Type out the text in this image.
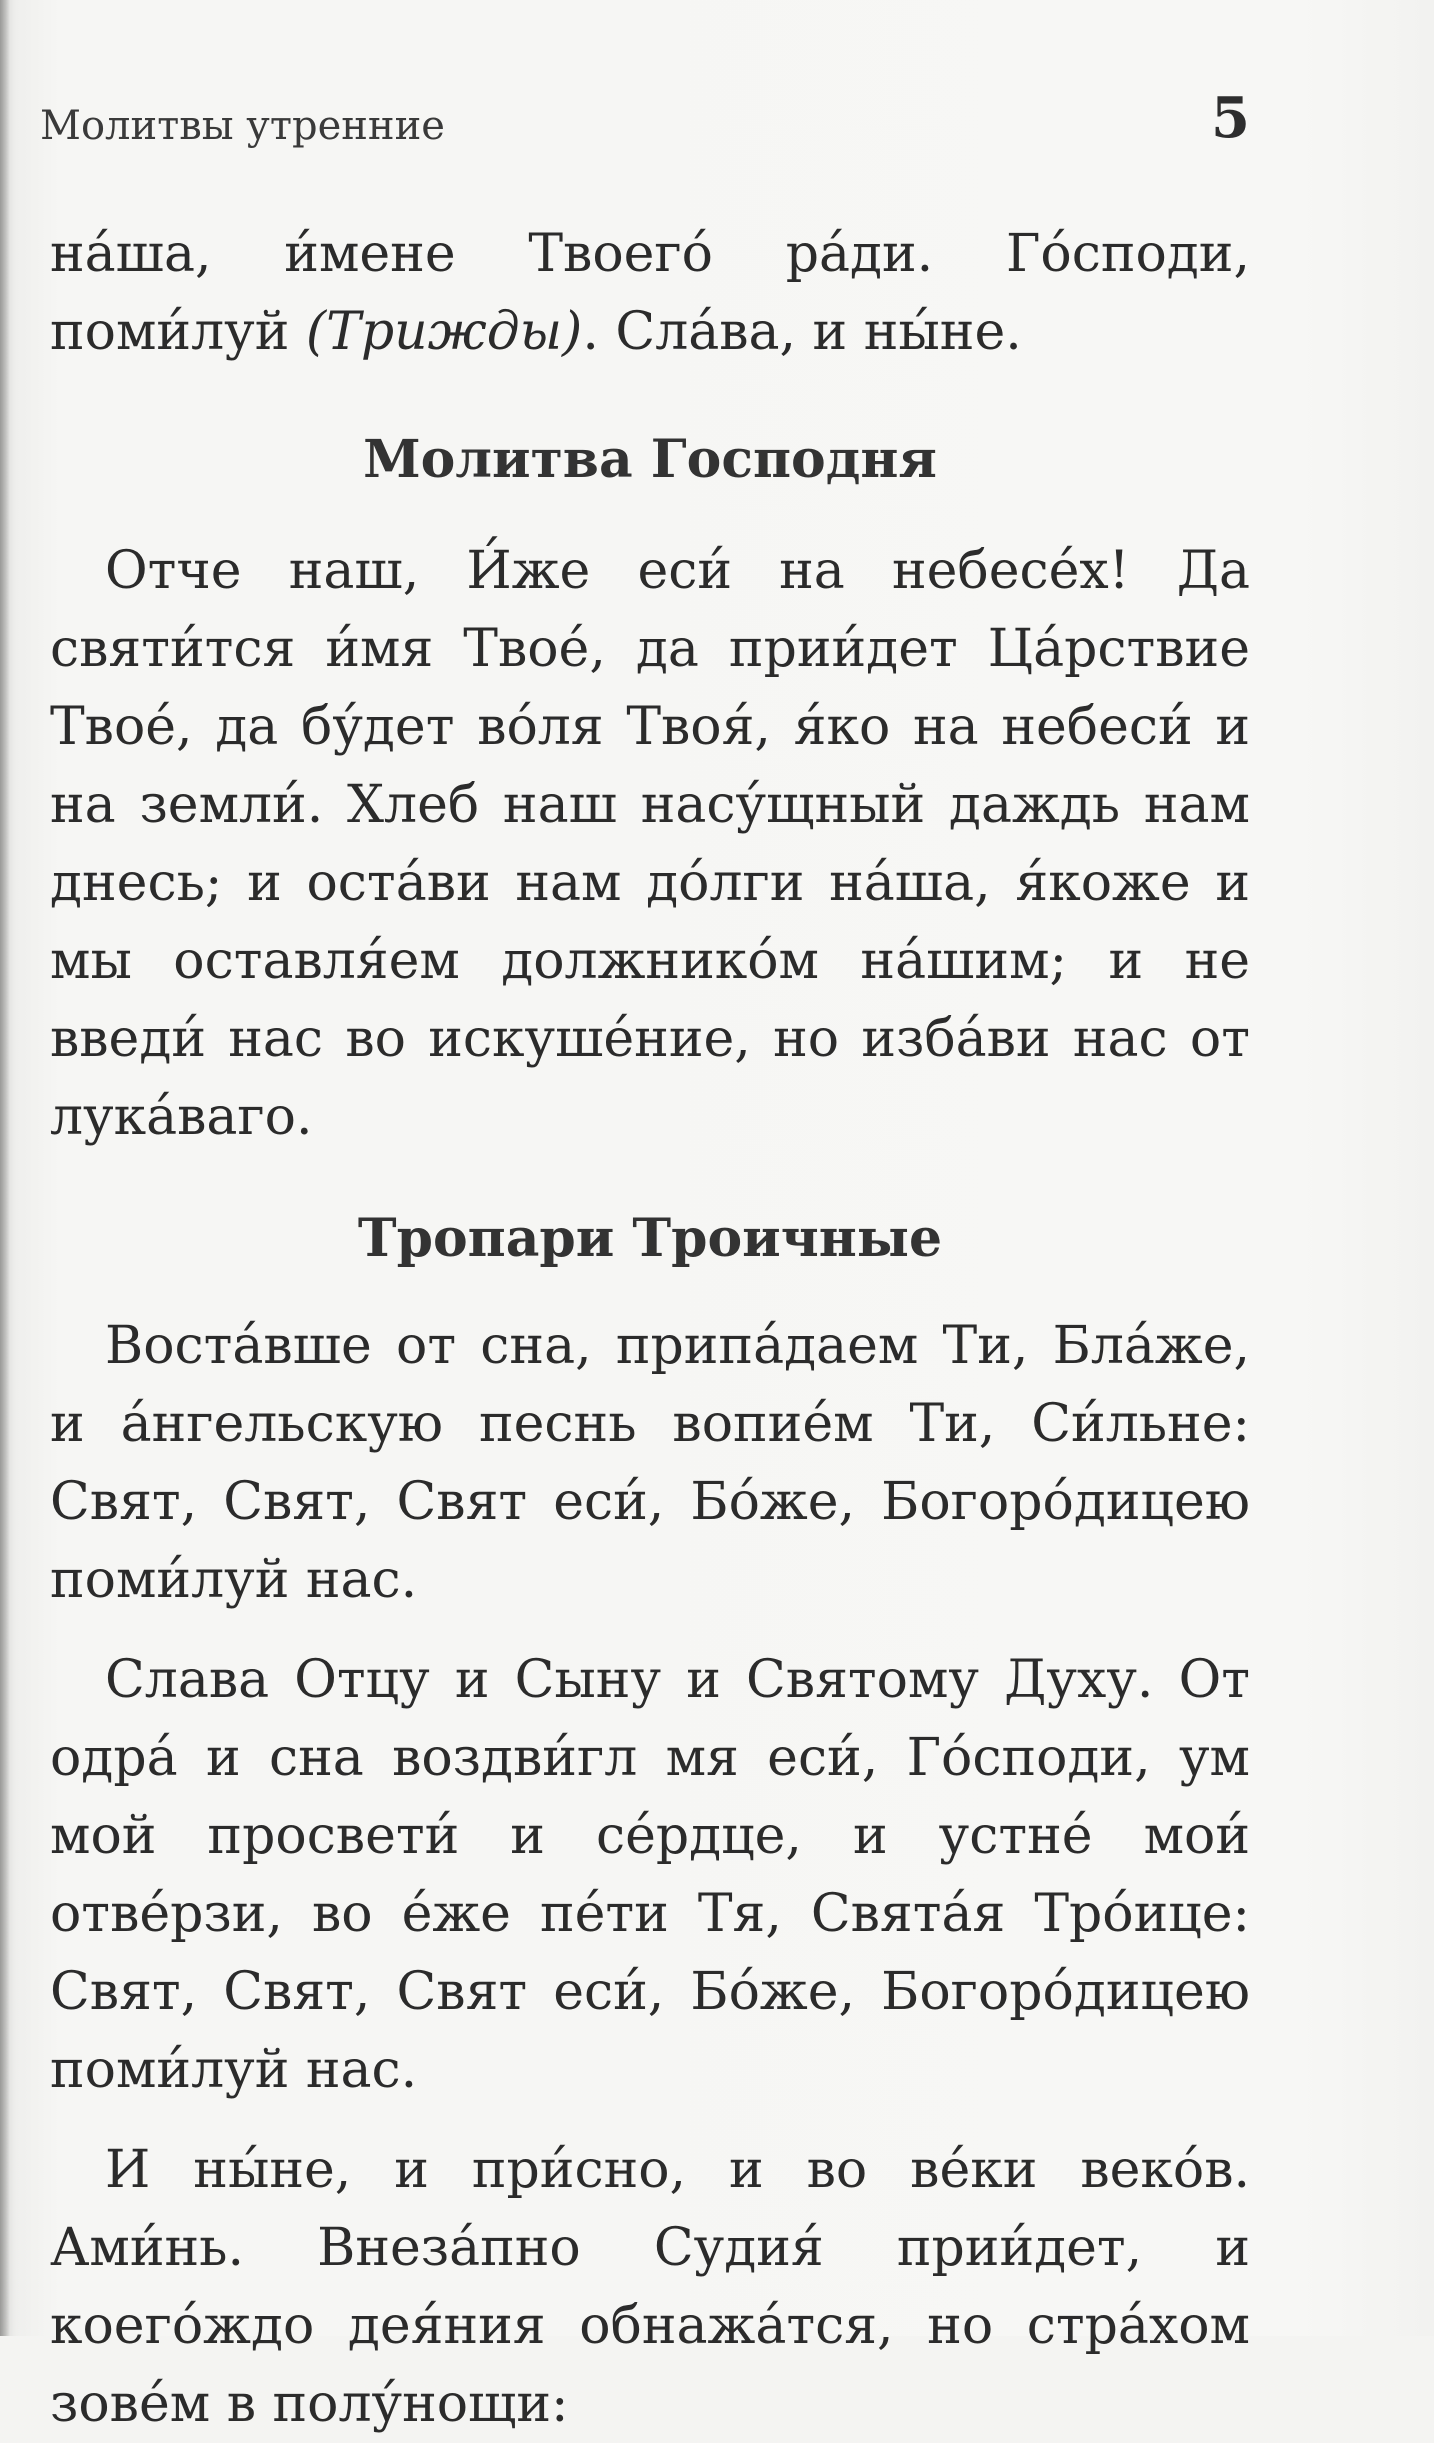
Молитвы утренние	5

на́ша, и́мене Твоего́ ра́ди. Го́споди, поми́луй (Трижды). Сла́ва, и ны́не.

Молитва Господня

Отче наш, И́же еси́ на небесе́х! Да святи́тся и́мя Твое́, да прии́дет Ца́рствие Твое́, да бу́дет во́ля Твоя́, я́ко на небеси́ и на земли́. Хлеб наш насу́щный даждь нам днесь; и оста́ви нам до́лги на́ша, я́коже и мы оставля́ем должнико́м на́шим; и не введи́ нас во искуше́ние, но изба́ви нас от лука́ваго.

Тропари Троичные

Воста́вше от сна, припа́даем Ти, Бла́же, и а́нгельскую песнь вопие́м Ти, Си́льне: Свят, Свят, Свят еси́, Бо́же, Богоро́дицею поми́луй нас.

Слава Отцу и Сыну и Святому Духу. От одра́ и сна воздви́гл мя еси́, Го́споди, ум мой просвети́ и се́рдце, и устне́ мои́ отве́рзи, во е́же пе́ти Тя, Свята́я Тро́ице: Свят, Свят, Свят еси́, Бо́же, Богоро́дицею поми́луй нас.

И ны́не, и при́сно, и во ве́ки веко́в. Ами́нь. Внеза́пно Судия́ прии́дет, и коего́ждо дея́ния обнажа́тся, но стра́хом зове́м в полу́нощи:
